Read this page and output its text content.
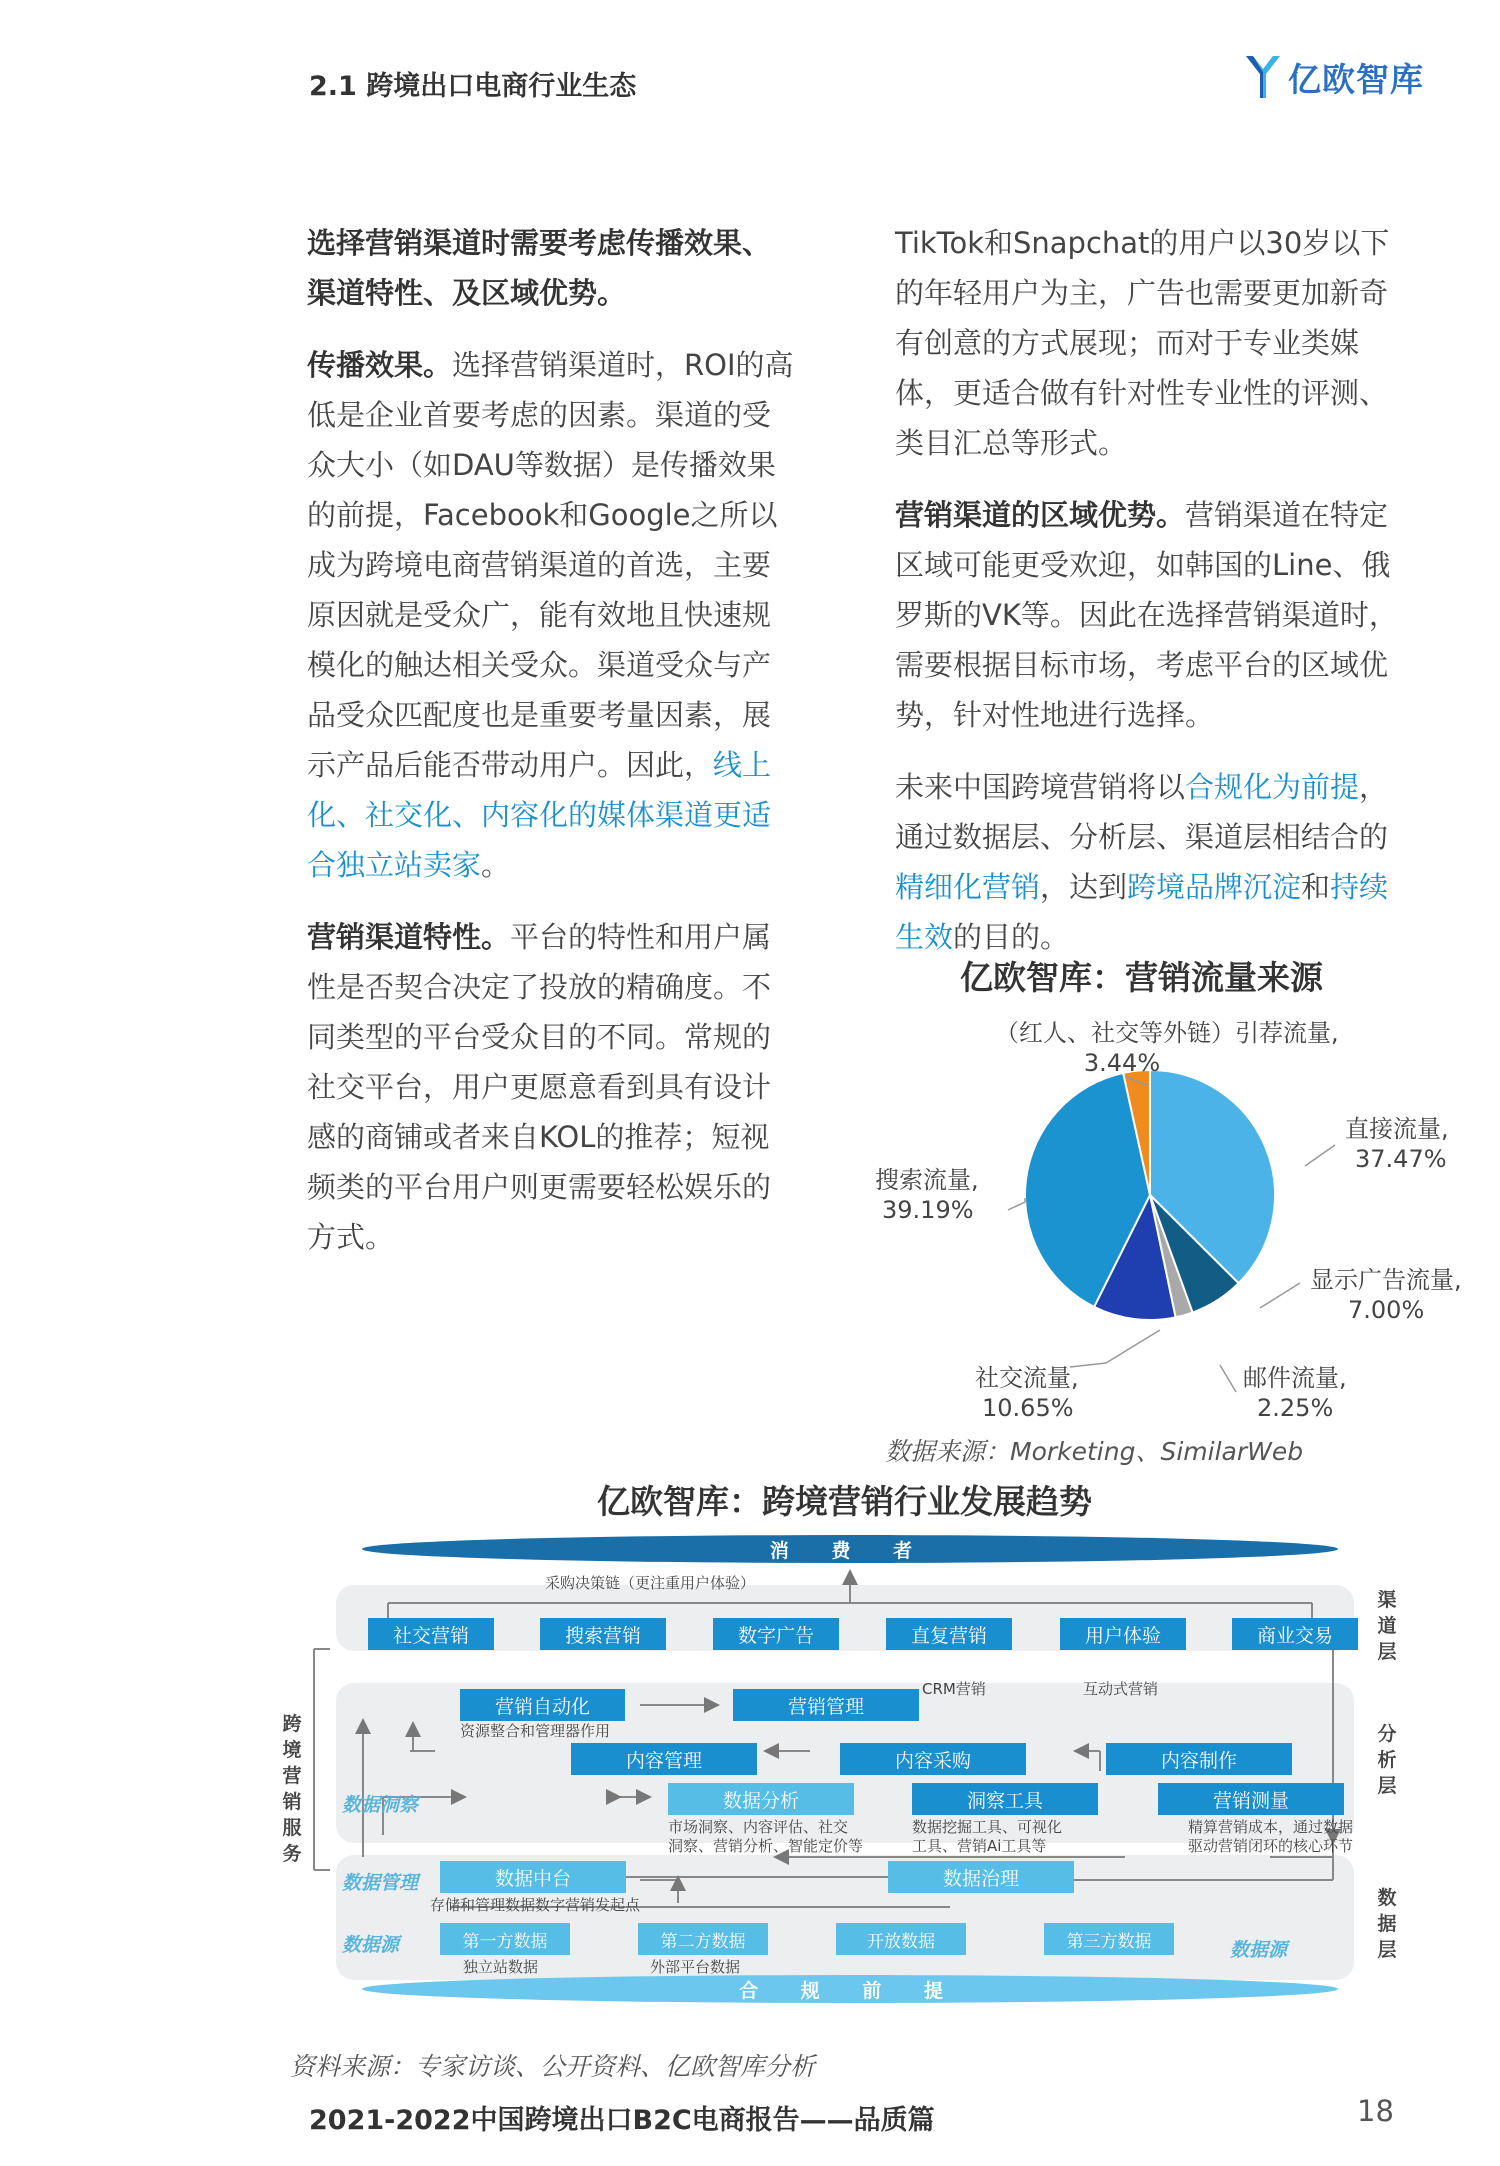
2.1 跨境出口电商行业生态	亿欧智库

选择营销渠道时需要考虑传播效果、渠道特性、及区域优势。

传播效果。选择营销渠道时，ROI的高低是企业首要考虑的因素。渠道的受众大小（如DAU等数据）是传播效果的前提，Facebook和Google之所以成为跨境电商营销渠道的首选，主要原因就是受众广，能有效地且快速规模化的触达相关受众。渠道受众与产品受众匹配度也是重要考量因素，展示产品后能否带动用户。因此，线上化、社交化、内容化的媒体渠道更适合独立站卖家。

营销渠道特性。平台的特性和用户属性是否契合决定了投放的精确度。不同类型的平台受众目的不同。常规的社交平台，用户更愿意看到具有设计感的商铺或者来自KOL的推荐；短视频类的平台用户则更需要轻松娱乐的方式。

TikTok和Snapchat的用户以30岁以下的年轻用户为主，广告也需要更加新奇有创意的方式展现；而对于专业类媒体，更适合做有针对性专业性的评测、类目汇总等形式。

营销渠道的区域优势。营销渠道在特定区域可能更受欢迎，如韩国的Line、俄罗斯的VK等。因此在选择营销渠道时，需要根据目标市场，考虑平台的区域优势，针对性地进行选择。

未来中国跨境营销将以合规化为前提，通过数据层、分析层、渠道层相结合的精细化营销，达到跨境品牌沉淀和持续生效的目的。

亿欧智库：营销流量来源
（红人、社交等外链）引荐流量,
3.44%
直接流量,
37.47%
搜索流量,
39.19%
显示广告流量,
7.00%
社交流量,
10.65%
邮件流量,
2.25%
数据来源：Morketing、SimilarWeb
亿欧智库：跨境营销行业发展趋势
消 费 者
合 规 前 提
采购决策链（更注重用户体验）
社交营销	搜索营销	数字广告	直复营销	用户体验	商业交易
营销自动化
资源整合和管理器作用
营销管理
CRM营销	互动式营销
内容管理	内容采购	内容制作
数据洞察	数据分析
市场洞察、内容评估、社交
洞察、营销分析、智能定价等
洞察工具
数据挖掘工具、可视化
工具、营销Ai工具等
营销测量
精算营销成本，通过数据
驱动营销闭环的核心环节
数据管理	数据中台
存储和管理数据数字营销发起点
数据治理
数据源	第一方数据
独立站数据
第二方数据
外部平台数据
开放数据	第三方数据	数据源
跨境营销服务
渠道层
分析层
数据层
资料来源：专家访谈、公开资料、亿欧智库分析
2021-2022中国跨境出口B2C电商报告——品质篇	18
